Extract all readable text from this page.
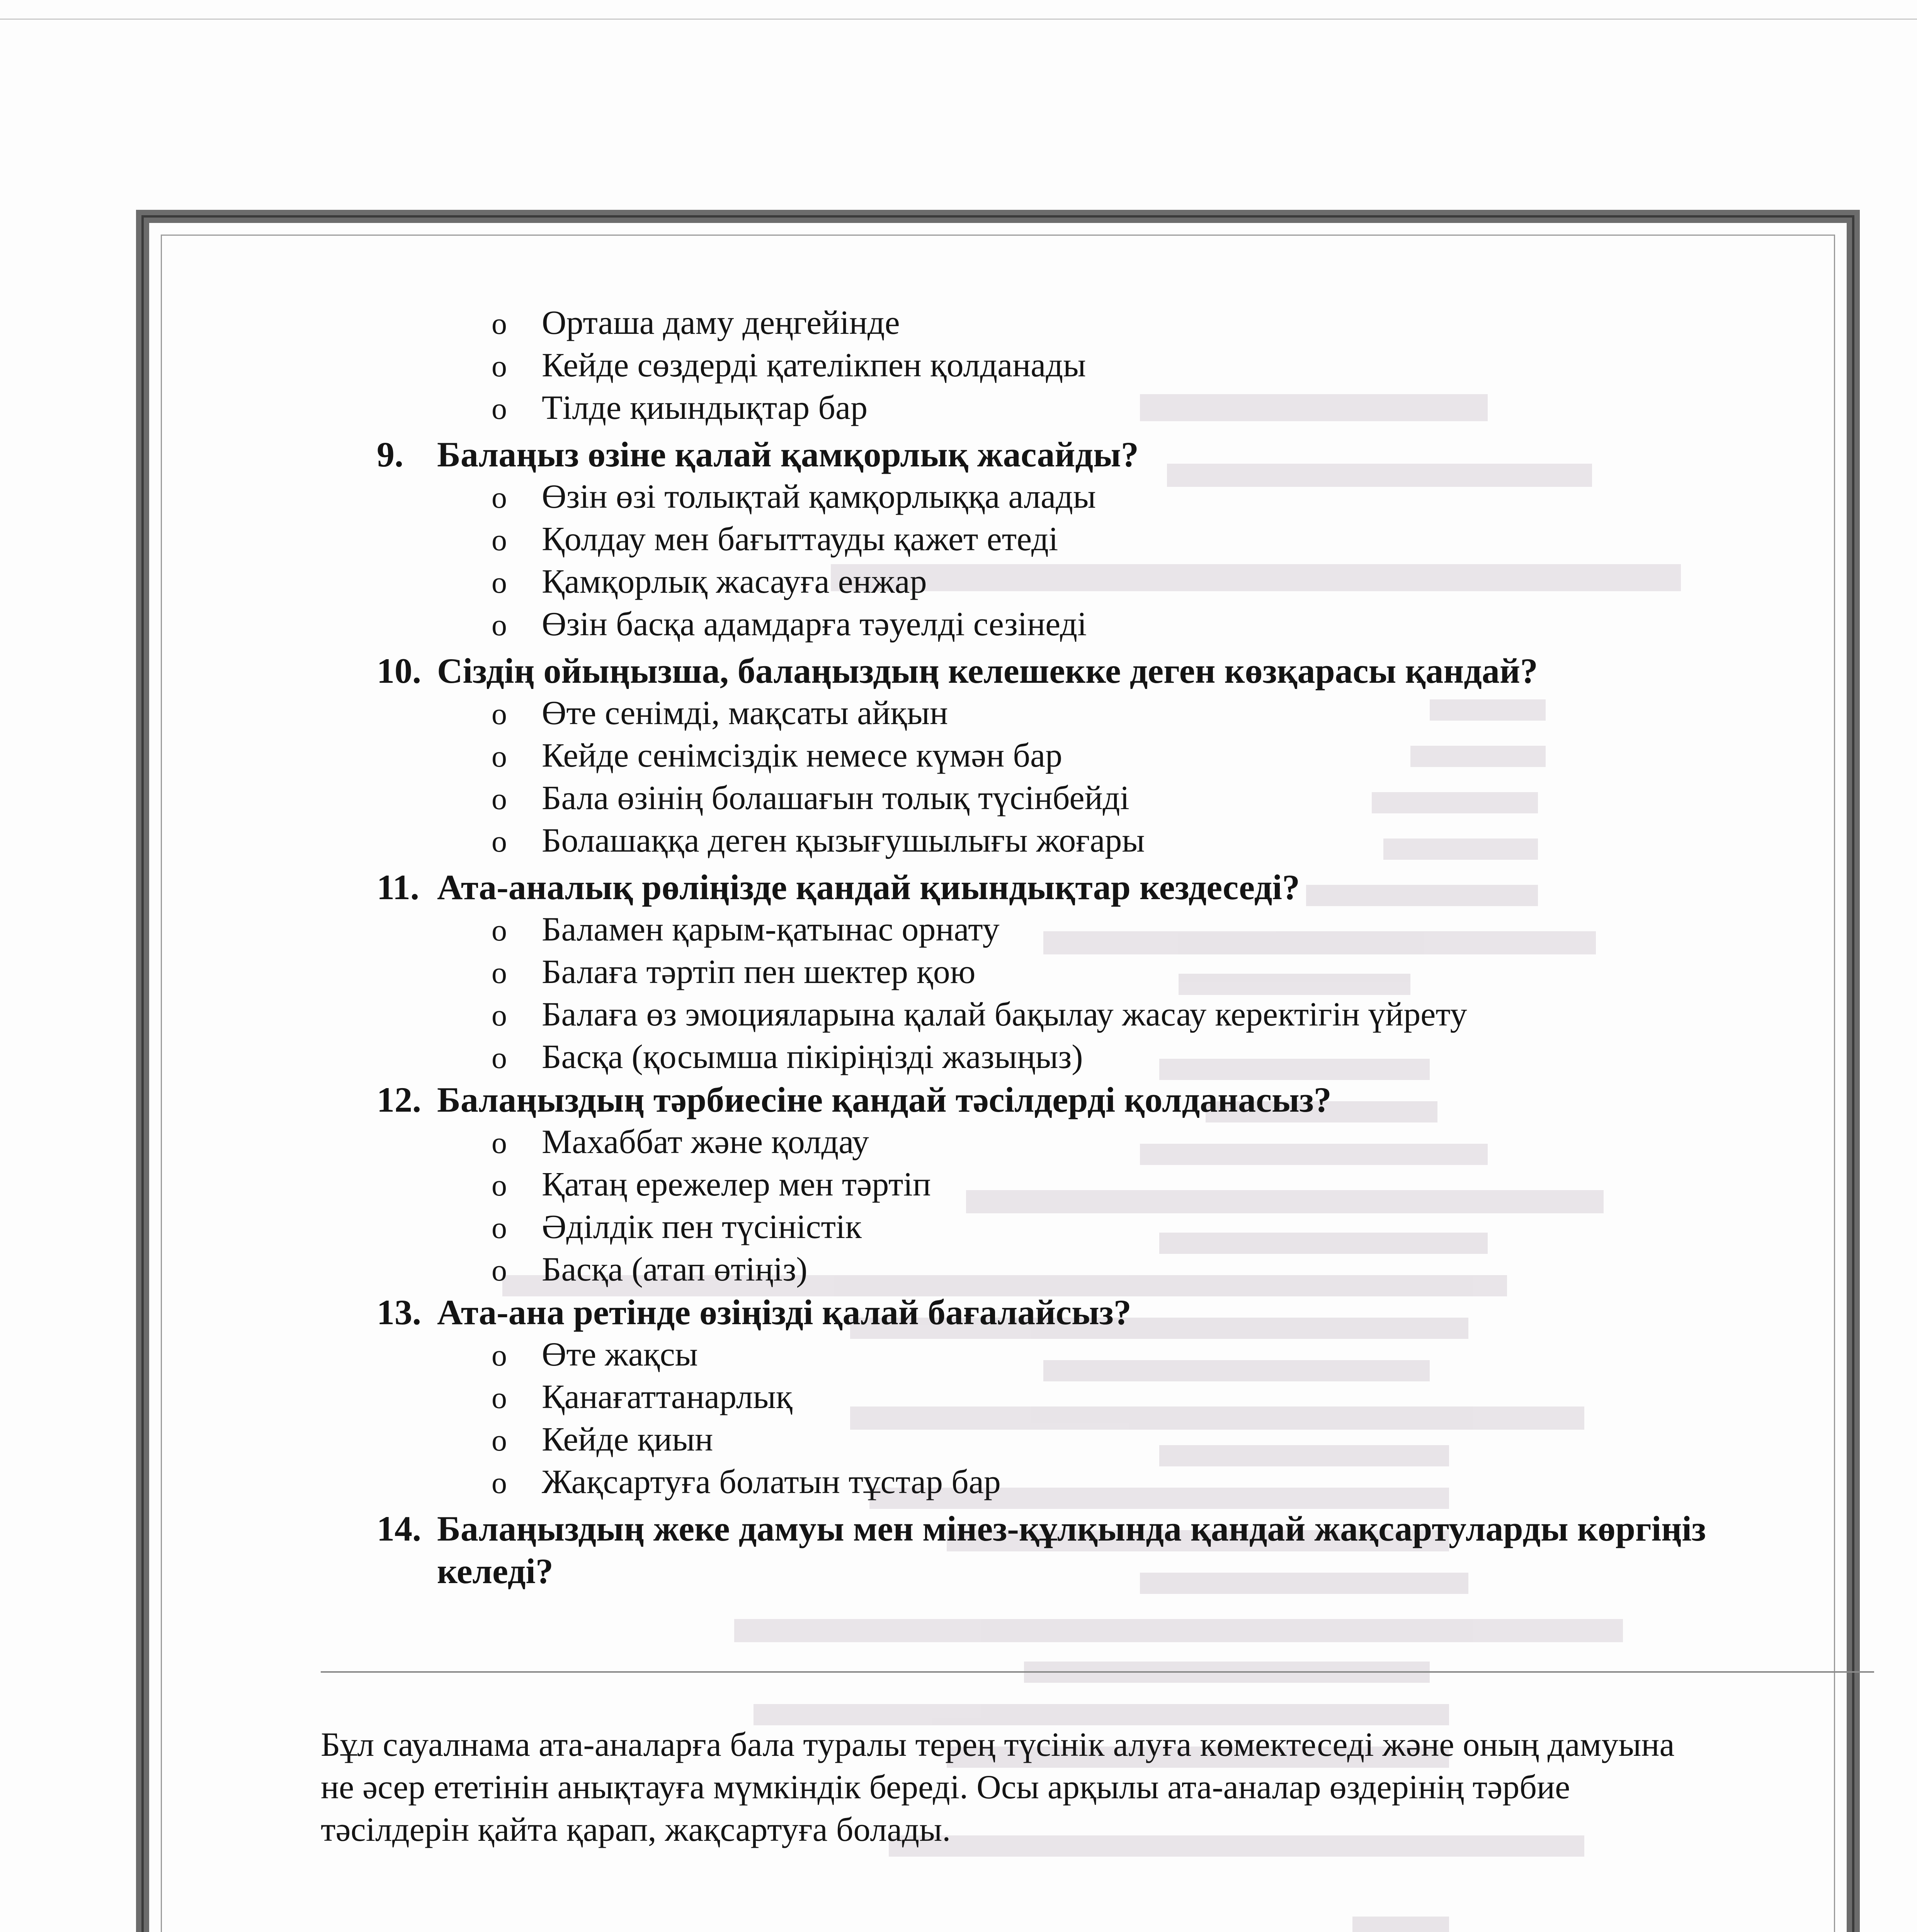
o Орташа даму деңгейінде
o Кейде сөздерді қателікпен қолданады
o Тілде қиындықтар бар
9. Балаңыз өзіне қалай қамқорлық жасайды?
o Өзін өзі толықтай қамқорлыққа алады
o Қолдау мен бағыттауды қажет етеді
o Қамқорлық жасауға енжар
o Өзін басқа адамдарға тәуелді сезінеді
10. Сіздің ойыңызша, балаңыздың келешекке деген көзқарасы қандай?
o Өте сенімді, мақсаты айқын
o Кейде сенімсіздік немесе күмән бар
o Бала өзінің болашағын толық түсінбейді
o Болашаққа деген қызығушылығы жоғары
11. Ата-аналық рөліңізде қандай қиындықтар кездеседі?
o Баламен қарым-қатынас орнату
o Балаға тәртіп пен шектер қою
o Балаға өз эмоцияларына қалай бақылау жасау керектігін үйрету
o Басқа (қосымша пікіріңізді жазыңыз)
12. Балаңыздың тәрбиесіне қандай тәсілдерді қолданасыз?
o Махаббат және қолдау
o Қатаң ережелер мен тәртіп
o Әділдік пен түсіністік
o Басқа (атап өтіңіз)
13. Ата-ана ретінде өзіңізді қалай бағалайсыз?
o Өте жақсы
o Қанағаттанарлық
o Кейде қиын
o Жақсартуға болатын тұстар бар
14. Балаңыздың жеке дамуы мен мінез-құлқында қандай жақсартуларды көргіңіз
келеді?
Бұл сауалнама ата-аналарға бала туралы терең түсінік алуға көмектеседі және оның дамуына
не әсер ететінін анықтауға мүмкіндік береді. Осы арқылы ата-аналар өздерінің тәрбие
тәсілдерін қайта қарап, жақсартуға болады.
